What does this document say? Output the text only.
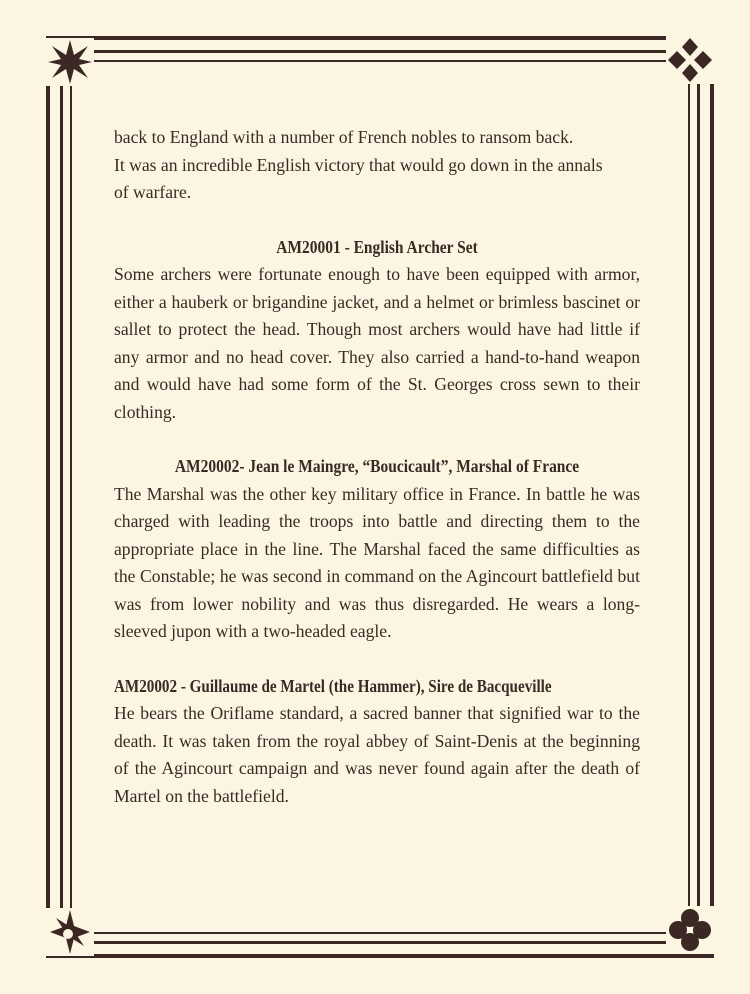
back to England with a number of French nobles to ransom back.
It was an incredible English victory that would go down in the annals
of warfare.

AM20001 - English Archer Set

Some archers were fortunate enough to have been equipped with armor, either a hauberk or brigandine jacket, and a helmet or brimless bascinet or sallet to protect the head. Though most archers would have had little if any armor and no head cover. They also carried a hand-to-hand weapon and would have had some form of the St. Georges cross sewn to their clothing.

AM20002- Jean le Maingre, “Boucicault”, Marshal of France

The Marshal was the other key military office in France. In battle he was charged with leading the troops into battle and directing them to the appropriate place in the line. The Marshal faced the same difficulties as the Constable; he was second in command on the Agincourt battlefield but was from lower nobility and was thus disregarded. He wears a long-sleeved jupon with a two-headed eagle.

AM20002 - Guillaume de Martel (the Hammer), Sire de Bacqueville

He bears the Oriflame standard, a sacred banner that signified war to the death. It was taken from the royal abbey of Saint-Denis at the beginning of the Agincourt campaign and was never found again after the death of Martel on the battlefield.
